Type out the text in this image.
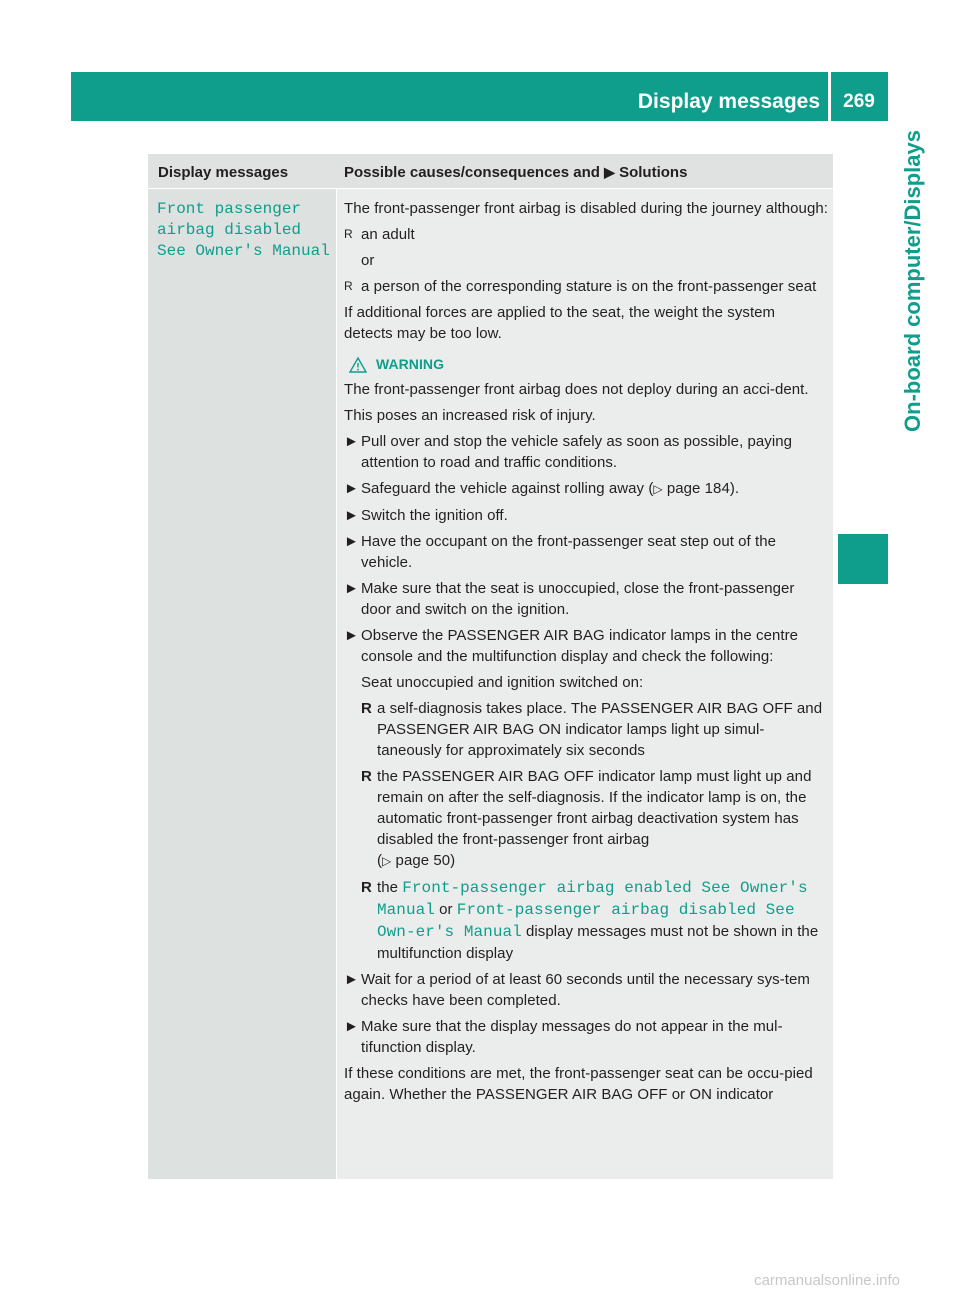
Display messages	269
On-board computer/Displays
Display messages	Possible causes/consequences and ▶ Solutions
Front passenger
airbag disabled
See Owner's Manual

The front-passenger front airbag is disabled during the journey although:

R an adult

or

R a person of the corresponding stature is on the front-passenger seat

If additional forces are applied to the seat, the weight the system detects may be too low.

WARNING

The front-passenger front airbag does not deploy during an acci-dent.

This poses an increased risk of injury.

► Pull over and stop the vehicle safely as soon as possible, paying attention to road and traffic conditions.
► Safeguard the vehicle against rolling away (▷ page 184).
► Switch the ignition off.
► Have the occupant on the front-passenger seat step out of the vehicle.
► Make sure that the seat is unoccupied, close the front-passenger door and switch on the ignition.
► Observe the PASSENGER AIR BAG indicator lamps in the centre console and the multifunction display and check the following:

Seat unoccupied and ignition switched on:

R a self-diagnosis takes place. The PASSENGER AIR BAG OFF and PASSENGER AIR BAG ON indicator lamps light up simul-taneously for approximately six seconds
R the PASSENGER AIR BAG OFF indicator lamp must light up and remain on after the self-diagnosis. If the indicator lamp is on, the automatic front-passenger front airbag deactivation system has disabled the front-passenger front airbag
(▷ page 50)
R the Front-passenger airbag enabled See Owner's Manual or Front-passenger airbag disabled See Own-er's Manual display messages must not be shown in the multifunction display
► Wait for a period of at least 60 seconds until the necessary sys-tem checks have been completed.
► Make sure that the display messages do not appear in the mul-tifunction display.

If these conditions are met, the front-passenger seat can be occu-pied again. Whether the PASSENGER AIR BAG OFF or ON indicator

carmanualsonline.info
